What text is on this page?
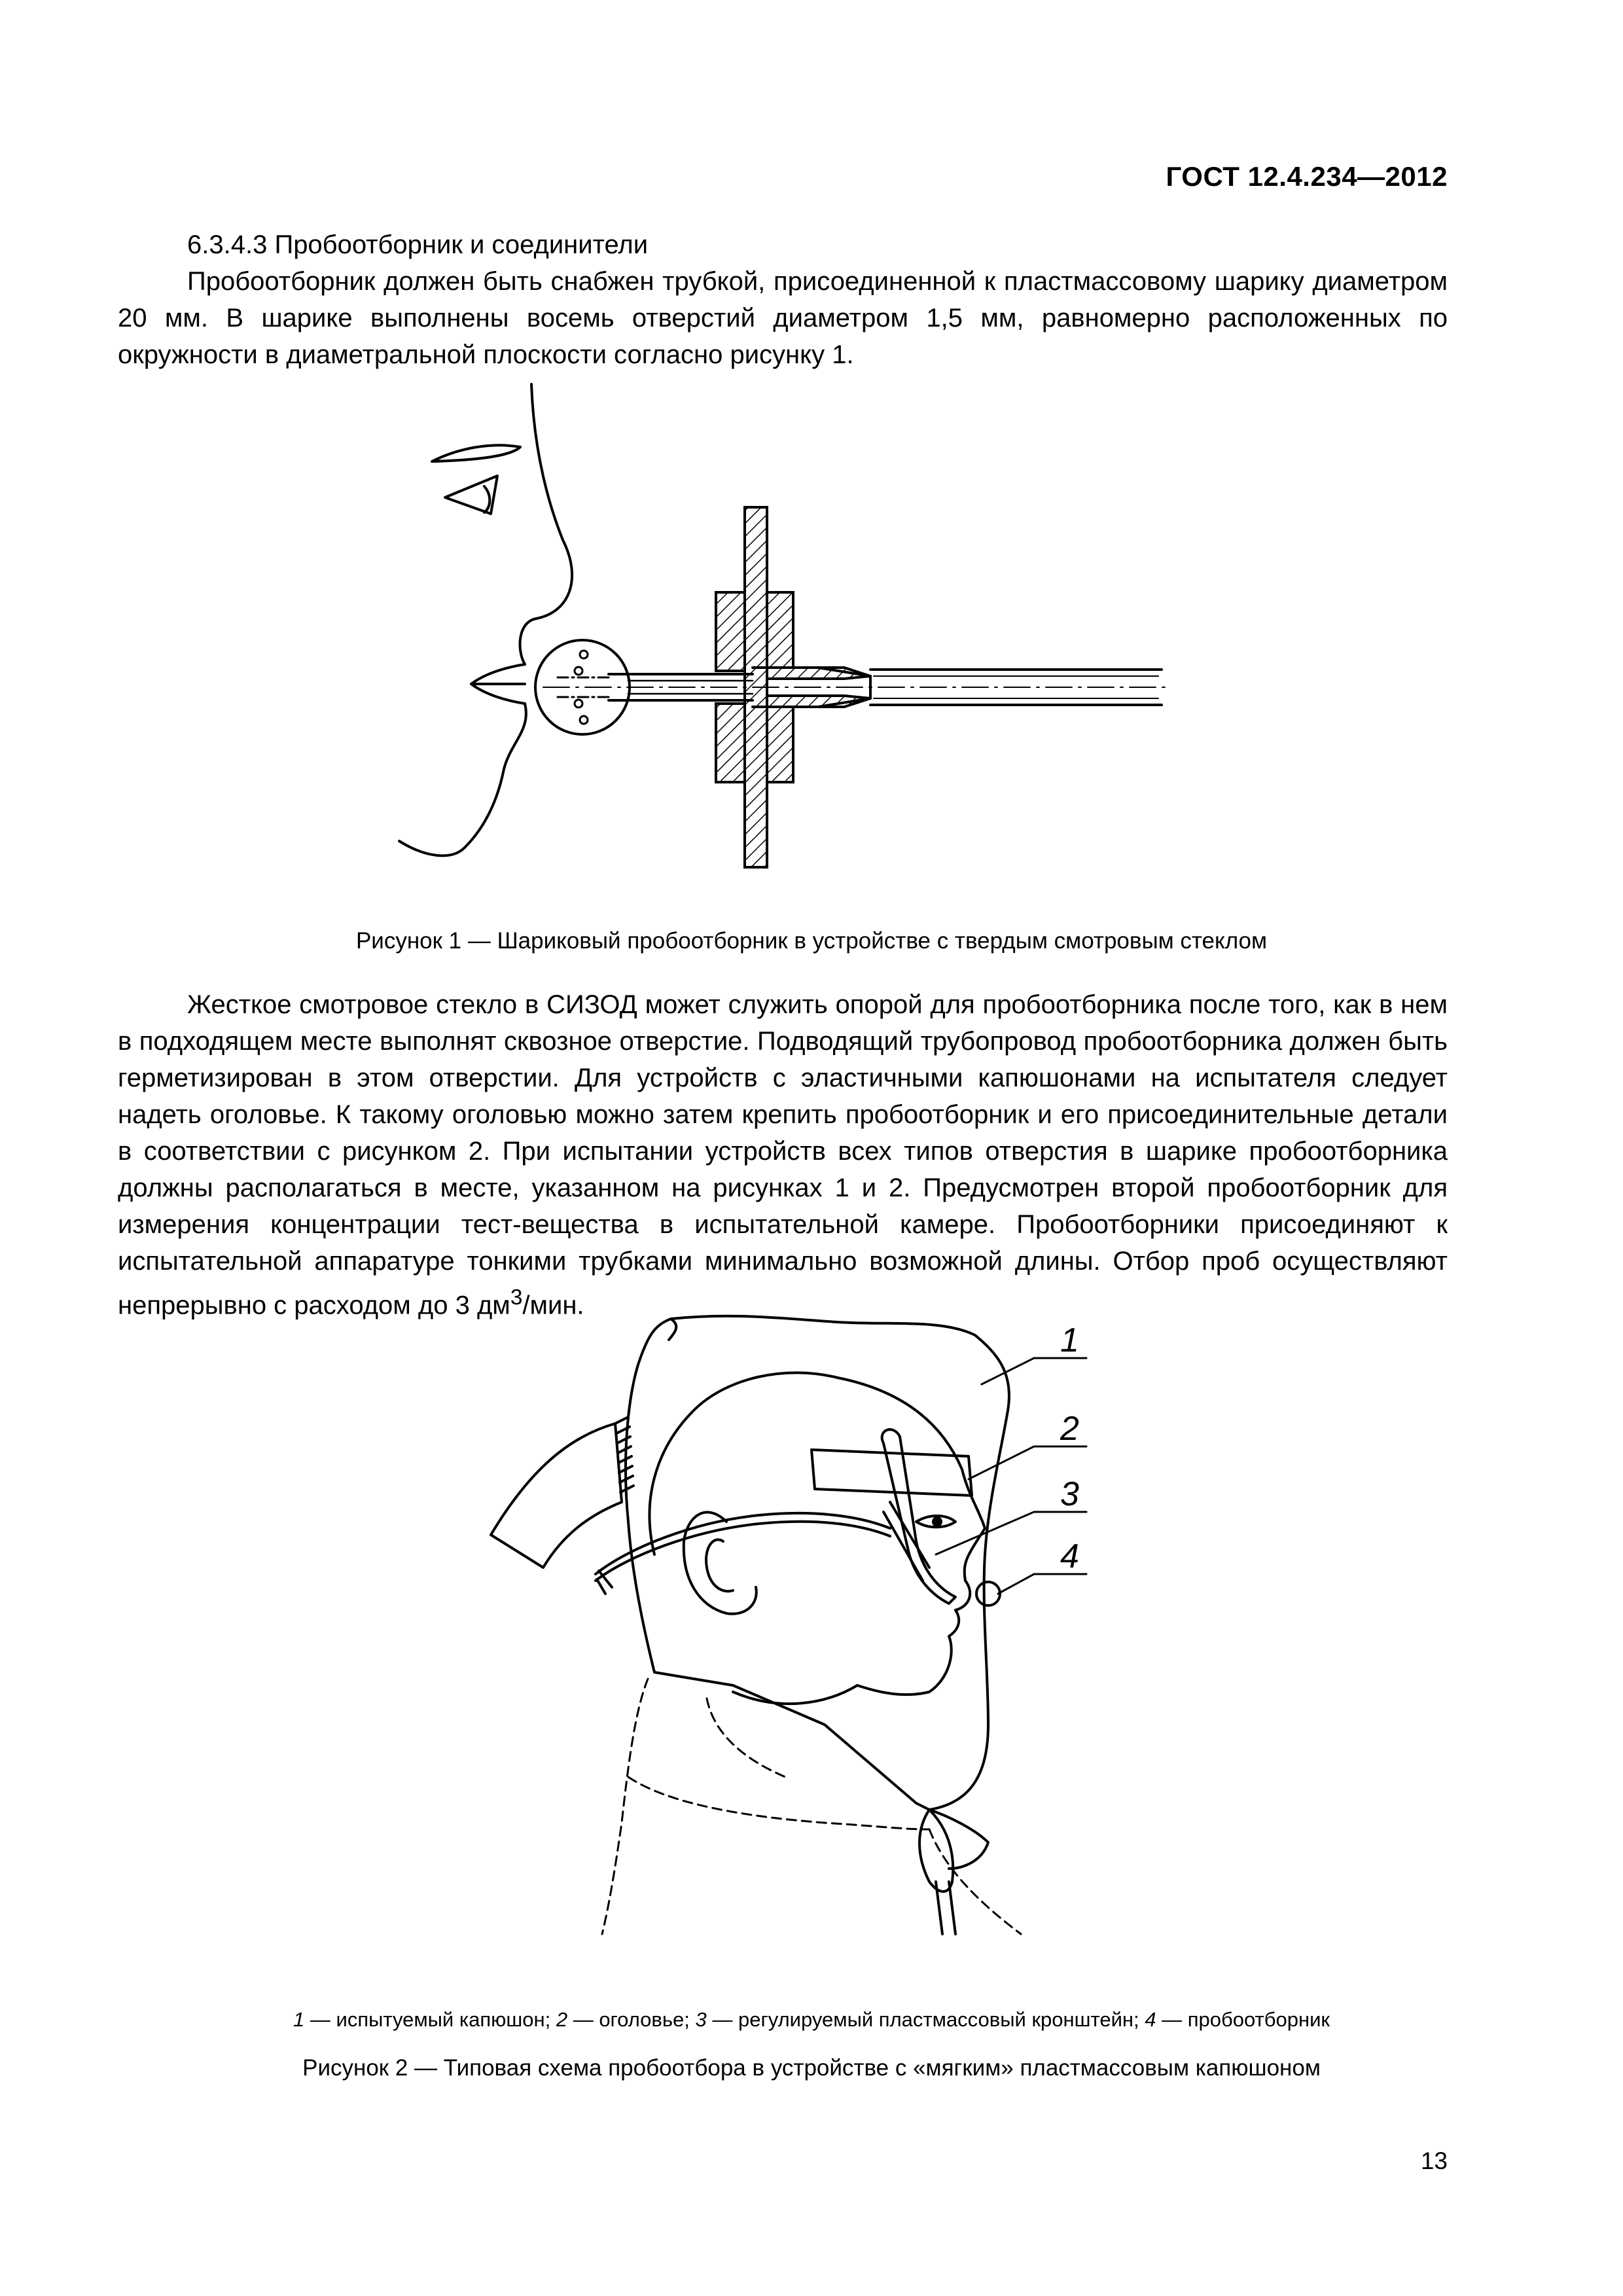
ГОСТ 12.4.234—2012
6.3.4.3 Пробоотборник и соединители

Пробоотборник должен быть снабжен трубкой, присоединенной к пластмассовому шарику диаметром 20 мм. В шарике выполнены восемь отверстий диаметром 1,5 мм, равномерно расположенных по окружности в диаметральной плоскости согласно рисунку 1.

Рисунок 1 — Шариковый пробоотборник в устройстве с твердым смотровым стеклом

Жесткое смотровое стекло в СИЗОД может служить опорой для пробоотборника после того, как в нем в подходящем месте выполнят сквозное отверстие. Подводящий трубопровод пробоотборника должен быть герметизирован в этом отверстии. Для устройств с эластичными капюшонами на испытателя следует надеть оголовье. К такому оголовью можно затем крепить пробоотборник и его присоединительные детали в соответствии с рисунком 2. При испытании устройств всех типов отверстия в шарике пробоотборника должны располагаться в месте, указанном на рисунках 1 и 2. Предусмотрен второй пробоотборник для измерения концентрации тест-вещества в испытательной камере. Пробоотборники присоединяют к испытательной аппаратуре тонкими трубками минимально возможной длины. Отбор проб осуществляют непрерывно с расходом до 3 $дм^3$/мин.

1
2
3
4
1 — испытуемый капюшон; 2 — оголовье; 3 — регулируемый пластмассовый кронштейн; 4 — пробоотборник
Рисунок 2 — Типовая схема пробоотбора в устройстве с «мягким» пластмассовым капюшоном
13
